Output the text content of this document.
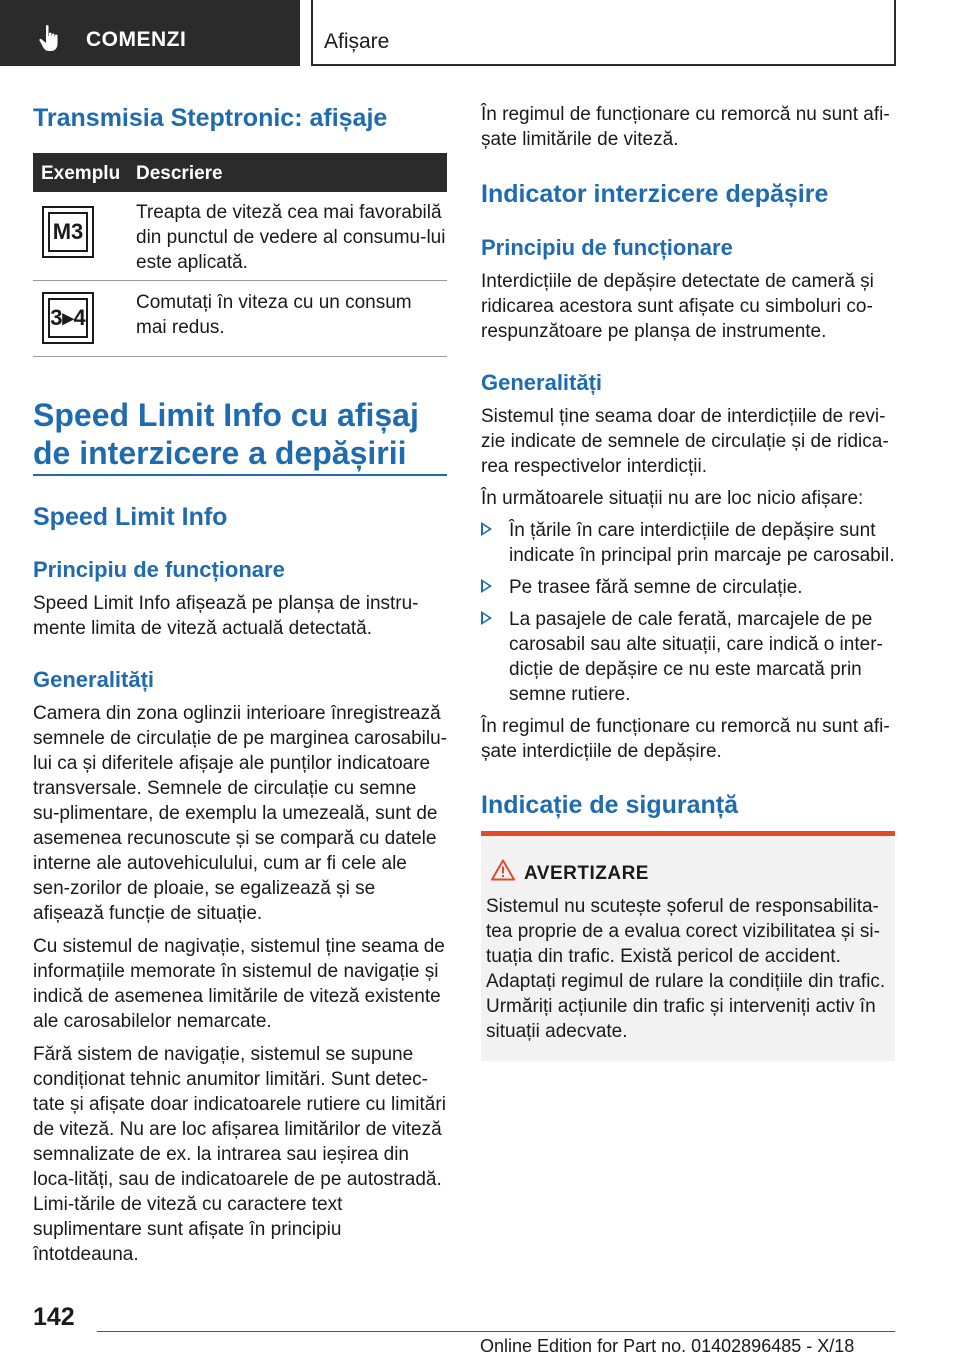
COMENZI	Afișare
Transmisia Steptronic: afișaje
Exemplu Descriere
M3

Treapta de viteză cea mai favorabilă din punctul de vedere al consumu-lui este aplicată.

3▸4

Comutați în viteza cu un consum mai redus.

Speed Limit Info cu afișaj de interzicere a depășirii
Speed Limit Info
Principiu de funcționare

Speed Limit Info afișează pe planșa de instru-mente limita de viteză actuală detectată.

Generalități

Camera din zona oglinzii interioare înregistrează semnele de circulație de pe marginea carosabilu-lui ca și diferitele afișaje ale punților indicatoare transversale. Semnele de circulație cu semne su-plimentare, de exemplu la umezeală, sunt de asemenea recunoscute și se compară cu datele interne ale autovehiculului, cum ar fi cele ale sen-zorilor de ploaie, se egalizează și se afișează funcție de situație.

Cu sistemul de nagivație, sistemul ține seama de informațiile memorate în sistemul de navigație și indică de asemenea limitările de viteză existente ale carosabilelor nemarcate.

Fără sistem de navigație, sistemul se supune condiționat tehnic anumitor limitări. Sunt detec-tate și afișate doar indicatoarele rutiere cu limitări de viteză. Nu are loc afișarea limitărilor de viteză semnalizate de ex. la intrarea sau ieșirea din loca-lități, sau de indicatoarele de pe autostradă. Limi-tările de viteză cu caractere text suplimentare sunt afișate în principiu întotdeauna.

În regimul de funcționare cu remorcă nu sunt afi-șate limitările de viteză.

Indicator interzicere depășire
Principiu de funcționare

Interdicțiile de depășire detectate de cameră și ridicarea acestora sunt afișate cu simboluri co-respunzătoare pe planșa de instrumente.

Generalități

Sistemul ține seama doar de interdicțiile de revi-zie indicate de semnele de circulație și de ridica-rea respectivelor interdicții.

În următoarele situații nu are loc nicio afișare:

În țările în care interdicțiile de depășire sunt indicate în principal prin marcaje pe carosabil.

Pe trasee fără semne de circulație.

La pasajele de cale ferată, marcajele de pe carosabil sau alte situații, care indică o inter-dicție de depășire ce nu este marcată prin semne rutiere.

În regimul de funcționare cu remorcă nu sunt afi-șate interdicțiile de depășire.

Indicație de siguranță
AVERTIZARE

Sistemul nu scutește șoferul de responsabilita-tea proprie de a evalua corect vizibilitatea și si-tuația din trafic. Există pericol de accident. Adaptați regimul de rulare la condițiile din trafic. Urmăriți acțiunile din trafic și interveniți activ în situații adecvate.

142
Online Edition for Part no. 01402896485 - X/18
